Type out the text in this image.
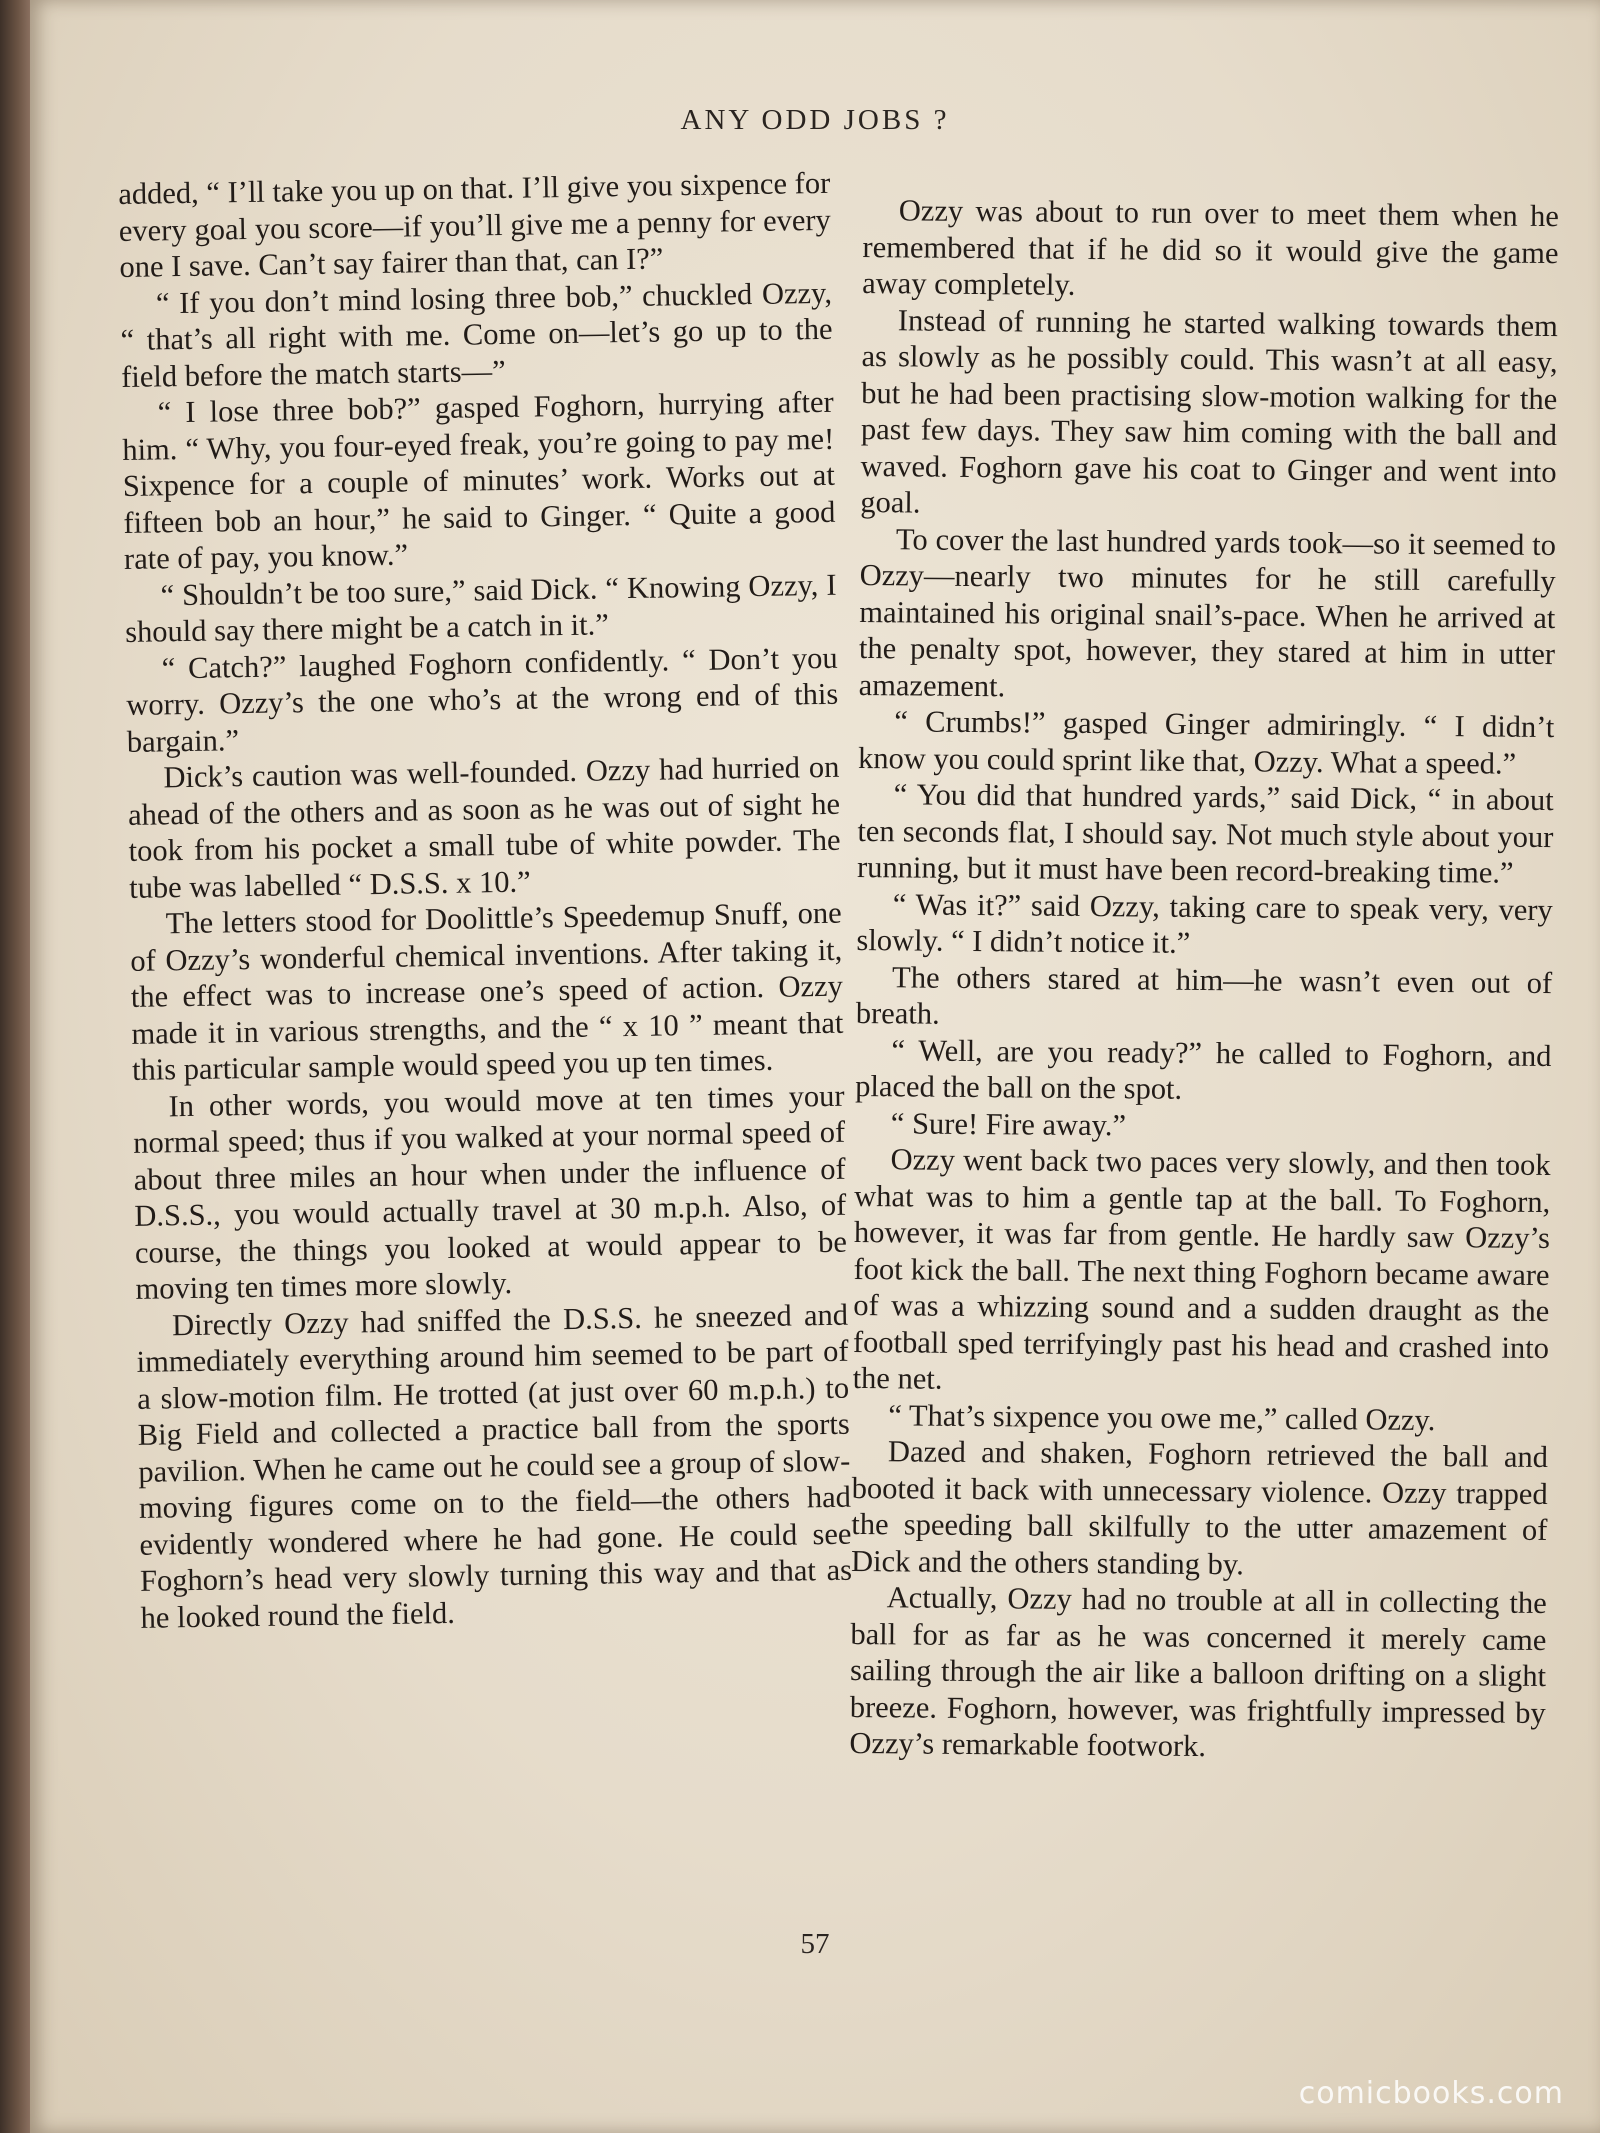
ANY ODD JOBS ?

added, “ I’ll take you up on that. I’ll give you sixpence for every goal you score—if you’ll give me a penny for every one I save. Can’t say fairer than that, can I?”

“ If you don’t mind losing three bob,” chuckled Ozzy, “ that’s all right with me. Come on—let’s go up to the field before the match starts—”

“ I lose three bob?” gasped Foghorn, hurrying after him. “ Why, you four-eyed freak, you’re going to pay me! Sixpence for a couple of minutes’ work. Works out at fifteen bob an hour,” he said to Ginger. “ Quite a good rate of pay, you know.”

“ Shouldn’t be too sure,” said Dick. “ Knowing Ozzy, I should say there might be a catch in it.”

“ Catch?” laughed Foghorn confidently. “ Don’t you worry. Ozzy’s the one who’s at the wrong end of this bargain.”

Dick’s caution was well-founded. Ozzy had hurried on ahead of the others and as soon as he was out of sight he took from his pocket a small tube of white powder. The tube was labelled “ D.S.S. x 10.”

The letters stood for Doolittle’s Speedemup Snuff, one of Ozzy’s wonderful chemical inventions. After taking it, the effect was to increase one’s speed of action. Ozzy made it in various strengths, and the “ x 10 ” meant that this particular sample would speed you up ten times.

In other words, you would move at ten times your normal speed; thus if you walked at your normal speed of about three miles an hour when under the influence of D.S.S., you would actually travel at 30 m.p.h. Also, of course, the things you looked at would appear to be moving ten times more slowly.

Directly Ozzy had sniffed the D.S.S. he sneezed and immediately everything around him seemed to be part of a slow-motion film. He trotted (at just over 60 m.p.h.) to Big Field and collected a practice ball from the sports pavilion. When he came out he could see a group of slow-moving figures come on to the field—the others had evidently wondered where he had gone. He could see Foghorn’s head very slowly turning this way and that as he looked round the field.

Ozzy was about to run over to meet them when he remembered that if he did so it would give the game away completely.

Instead of running he started walking towards them as slowly as he possibly could. This wasn’t at all easy, but he had been practising slow-motion walking for the past few days. They saw him coming with the ball and waved. Foghorn gave his coat to Ginger and went into goal.

To cover the last hundred yards took—so it seemed to Ozzy—nearly two minutes for he still carefully maintained his original snail’s-pace. When he arrived at the penalty spot, however, they stared at him in utter amazement.

“ Crumbs!” gasped Ginger admiringly. “ I didn’t know you could sprint like that, Ozzy. What a speed.”

“ You did that hundred yards,” said Dick, “ in about ten seconds flat, I should say. Not much style about your running, but it must have been record-breaking time.”

“ Was it?” said Ozzy, taking care to speak very, very slowly. “ I didn’t notice it.”

The others stared at him—he wasn’t even out of breath.

“ Well, are you ready?” he called to Foghorn, and placed the ball on the spot.

“ Sure! Fire away.”

Ozzy went back two paces very slowly, and then took what was to him a gentle tap at the ball. To Foghorn, however, it was far from gentle. He hardly saw Ozzy’s foot kick the ball. The next thing Foghorn became aware of was a whizzing sound and a sudden draught as the football sped terrifyingly past his head and crashed into the net.

“ That’s sixpence you owe me,” called Ozzy.

Dazed and shaken, Foghorn retrieved the ball and booted it back with unnecessary violence. Ozzy trapped the speeding ball skilfully to the utter amazement of Dick and the others standing by.

Actually, Ozzy had no trouble at all in collecting the ball for as far as he was concerned it merely came sailing through the air like a balloon drifting on a slight breeze. Foghorn, however, was frightfully impressed by Ozzy’s remarkable footwork.

57
comicbooks.com
